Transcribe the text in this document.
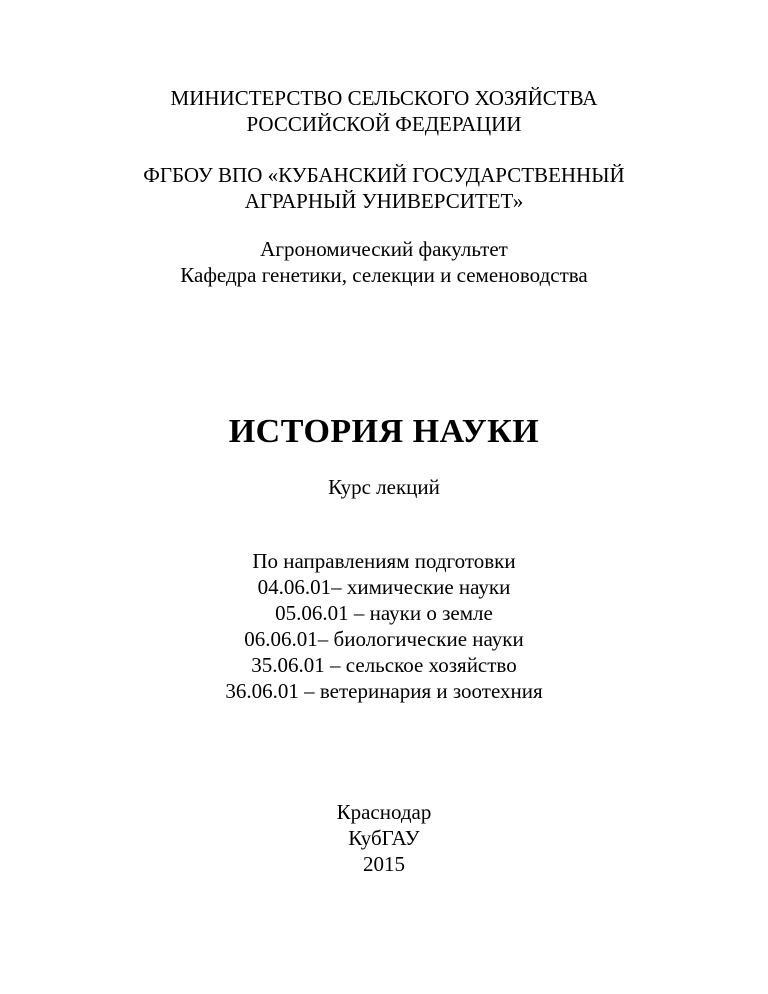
МИНИСТЕРСТВО СЕЛЬСКОГО ХОЗЯЙСТВА
РОССИЙСКОЙ ФЕДЕРАЦИИ
ФГБОУ ВПО «КУБАНСКИЙ ГОСУДАРСТВЕННЫЙ
АГРАРНЫЙ УНИВЕРСИТЕТ»
Агрономический факультет
Кафедра генетики, селекции и семеноводства
ИСТОРИЯ НАУКИ
Курс лекций
По направлениям подготовки
04.06.01– химические науки
05.06.01 – науки о земле
06.06.01– биологические науки
35.06.01 – сельское хозяйство
36.06.01 – ветеринария и зоотехния
Краснодар
КубГАУ
2015
